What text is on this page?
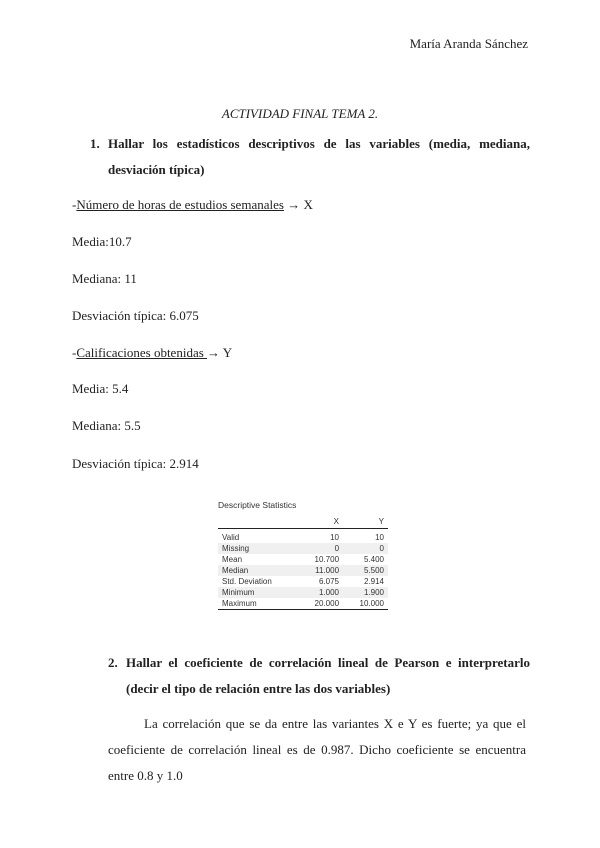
María Aranda Sánchez
ACTIVIDAD FINAL TEMA 2.
1. Hallar los estadísticos descriptivos de las variables (media, mediana, desviación típica)
-Número de horas de estudios semanales → X
Media:10.7
Mediana: 11
Desviación típica: 6.075
-Calificaciones obtenidas → Y
Media: 5.4
Mediana: 5.5
Desviación típica: 2.914
Descriptive Statistics
	X	Y
Valid	10	10
Missing	0	0
Mean	10.700	5.400
Median	11.000	5.500
Std. Deviation	6.075	2.914
Minimum	1.000	1.900
Maximum	20.000	10.000
2. Hallar el coeficiente de correlación lineal de Pearson e interpretarlo (decir el tipo de relación entre las dos variables)
La correlación que se da entre las variantes X e Y es fuerte; ya que el coeficiente de correlación lineal es de 0.987. Dicho coeficiente se encuentra entre 0.8 y 1.0
